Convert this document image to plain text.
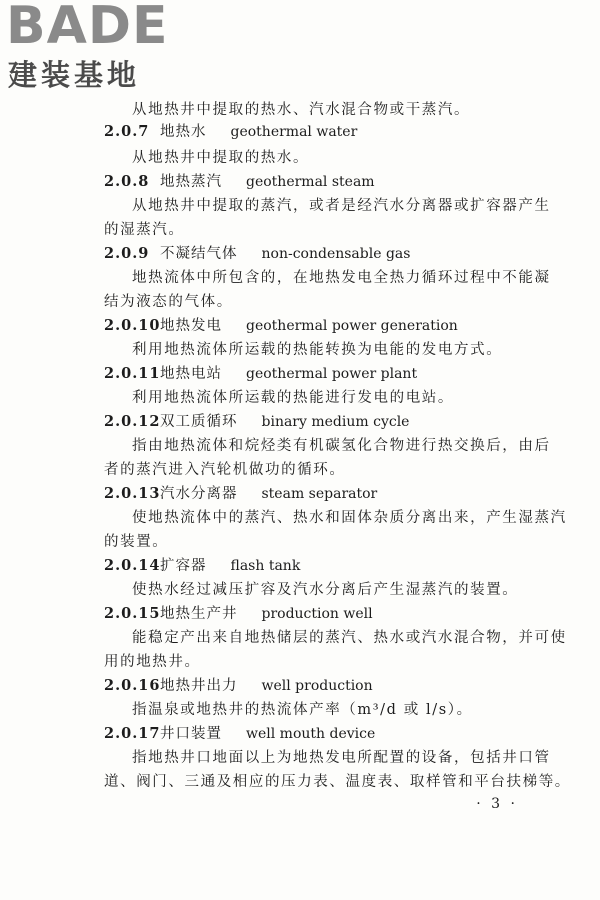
BADE
建装基地
从地热井中提取的热水、汽水混合物或干蒸汽。
2.0.7 地热水 geothermal water
从地热井中提取的热水。
2.0.8 地热蒸汽 geothermal steam
从地热井中提取的蒸汽，或者是经汽水分离器或扩容器产生
的湿蒸汽。
2.0.9 不凝结气体 non-condensable gas
地热流体中所包含的，在地热发电全热力循环过程中不能凝
结为液态的气体。
2.0.10地热发电 geothermal power generation
利用地热流体所运载的热能转换为电能的发电方式。
2.0.11地热电站 geothermal power plant
利用地热流体所运载的热能进行发电的电站。
2.0.12双工质循环 binary medium cycle
指由地热流体和烷烃类有机碳氢化合物进行热交换后，由后
者的蒸汽进入汽轮机做功的循环。
2.0.13汽水分离器 steam separator
使地热流体中的蒸汽、热水和固体杂质分离出来，产生湿蒸汽
的装置。
2.0.14扩容器 flash tank
使热水经过减压扩容及汽水分离后产生湿蒸汽的装置。
2.0.15地热生产井 production well
能稳定产出来自地热储层的蒸汽、热水或汽水混合物，并可使
用的地热井。
2.0.16地热井出力 well production
指温泉或地热井的热流体产率（m³/d 或 l/s）。
2.0.17井口装置 well mouth device
指地热井口地面以上为地热发电所配置的设备，包括井口管
道、阀门、三通及相应的压力表、温度表、取样管和平台扶梯等。
· 3 ·
